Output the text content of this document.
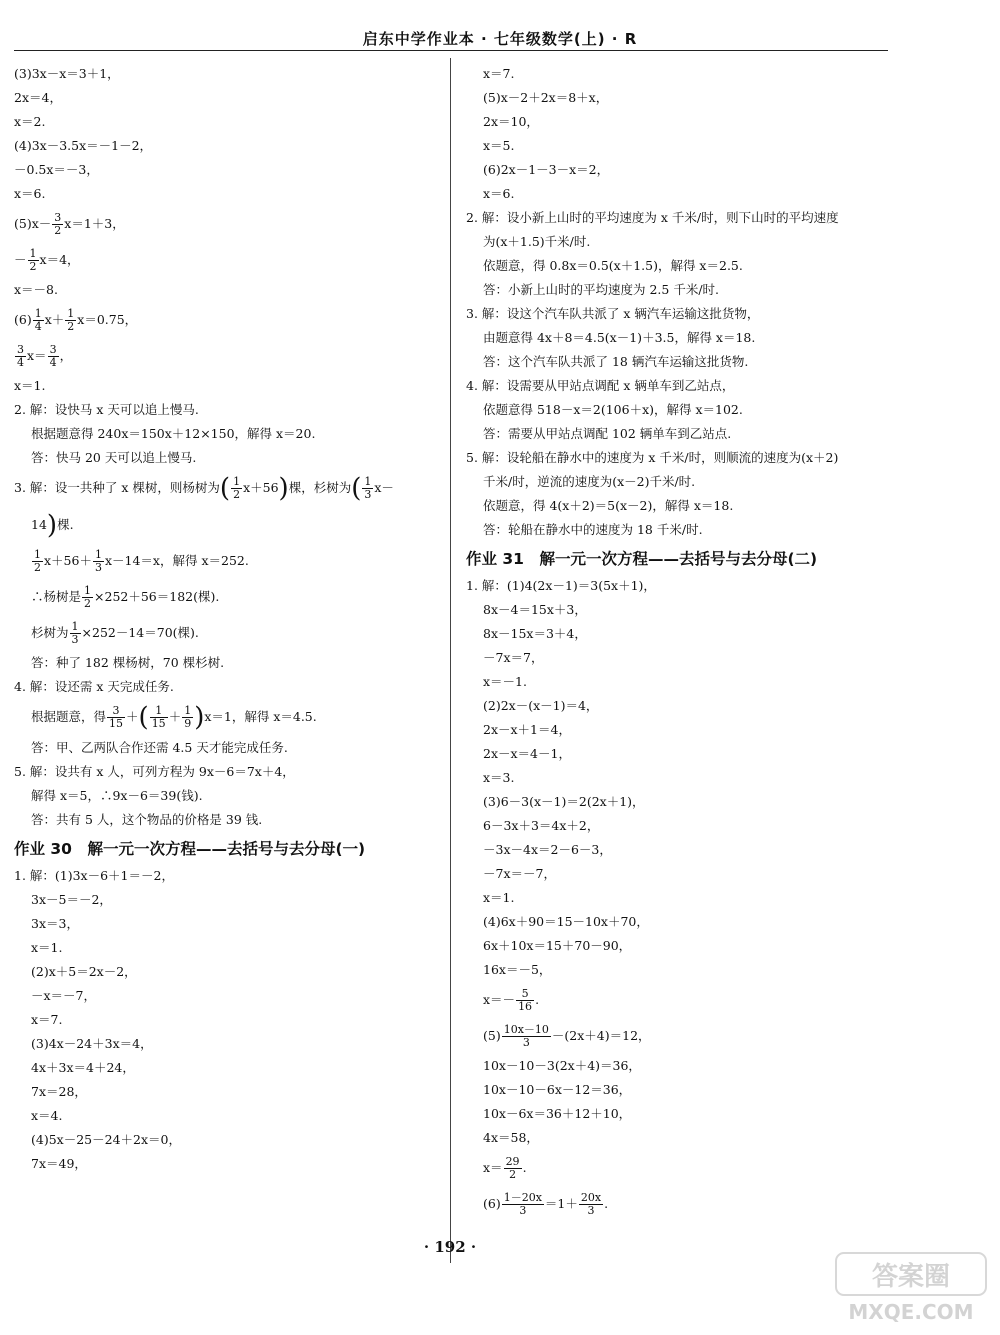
启东中学作业本 · 七年级数学(上) · R
(3)3x－x＝3＋1，
2x＝4，
x＝2.
(4)3x－3.5x＝－1－2，
－0.5x＝－3，
x＝6.
$(5)x- \frac{3}{2} x=1+3$，
－ $\frac{1}{2} x=4$，
x＝－8.
$(6) \frac{1}{4} x+ \frac{1}{2} x=0.75$，
$\frac{3}{4} x= \frac{3}{4}$ ，
x＝1.
2. 解：设快马 x 天可以追上慢马.
根据题意得 240x＝150x＋12×150，解得 x＝20.
答：快马 20 天可以追上慢马.
3. 解：设一共种了 x 棵树，则杨树为( $\frac{1}{2} x+56$)棵，杉树为( $\frac{1}{3} x-$
14)棵.
$\frac{1}{2} x+56+ \frac{1}{3} x-14=x$，解得 x＝252.
∴杨树是 $\frac{1}{2} \times 252+56=182$(棵).
杉树为 $\frac{1}{3} \times 252-14=70$(棵).
答：种了 182 棵杨树，70 棵杉树.
4. 解：设还需 x 天完成任务.
根据题意，得 $\frac{3}{15}$ ＋( $\frac{1}{15} + \frac{1}{9} )x=1$，解得 x＝4.5.
答：甲、乙两队合作还需 4.5 天才能完成任务.
5. 解：设共有 x 人，可列方程为 9x－6＝7x＋4，
解得 x＝5，∴9x－6＝39(钱).
答：共有 5 人，这个物品的价格是 39 钱.
作业 30　解一元一次方程——去括号与去分母(一)
1. 解：(1)3x－6＋1＝－2，
3x－5＝－2，
3x＝3，
x＝1.
(2)x＋5＝2x－2，
－x＝－7，
x＝7.
(3)4x－24＋3x＝4，
4x＋3x＝4＋24，
7x＝28，
x＝4.
(4)5x－25－24＋2x＝0，
7x＝49，
x＝7.
(5)x－2＋2x＝8＋x，
2x＝10，
x＝5.
(6)2x－1－3－x＝2，
x＝6.
2. 解：设小新上山时的平均速度为 x 千米/时，则下山时的平均速度
为(x＋1.5)千米/时.
依题意，得 0.8x＝0.5(x＋1.5)，解得 x＝2.5.
答：小新上山时的平均速度为 2.5 千米/时.
3. 解：设这个汽车队共派了 x 辆汽车运输这批货物，
由题意得 4x＋8＝4.5(x－1)＋3.5，解得 x＝18.
答：这个汽车队共派了 18 辆汽车运输这批货物.
4. 解：设需要从甲站点调配 x 辆单车到乙站点，
依题意得 518－x＝2(106＋x)，解得 x＝102.
答：需要从甲站点调配 102 辆单车到乙站点.
5. 解：设轮船在静水中的速度为 x 千米/时，则顺流的速度为(x＋2)
千米/时，逆流的速度为(x－2)千米/时.
依题意，得 4(x＋2)＝5(x－2)，解得 x＝18.
答：轮船在静水中的速度为 18 千米/时.
作业 31　解一元一次方程——去括号与去分母(二)
1. 解：(1)4(2x－1)＝3(5x＋1)，
8x－4＝15x＋3，
8x－15x＝3＋4，
－7x＝7，
x＝－1.
(2)2x－(x－1)＝4，
2x－x＋1＝4，
2x－x＝4－1，
x＝3.
(3)6－3(x－1)＝2(2x＋1)，
6－3x＋3＝4x＋2，
－3x－4x＝2－6－3，
－7x＝－7，
x＝1.
(4)6x＋90＝15－10x＋70，
6x＋10x＝15＋70－90，
16x＝－5，
$x=- \frac{5}{16}$ .
$(5) \frac{10x-10}{3} -(2x+4)=12$，
10x－10－3(2x＋4)＝36，
10x－10－6x－12＝36，
10x－6x＝36＋12＋10，
4x＝58，
$x= \frac{29}{2}$ .
$(6) \frac{1-20x}{3} =1+ \frac{20x}{3}$ .
· 192 ·
答案圈
MXQE.COM
